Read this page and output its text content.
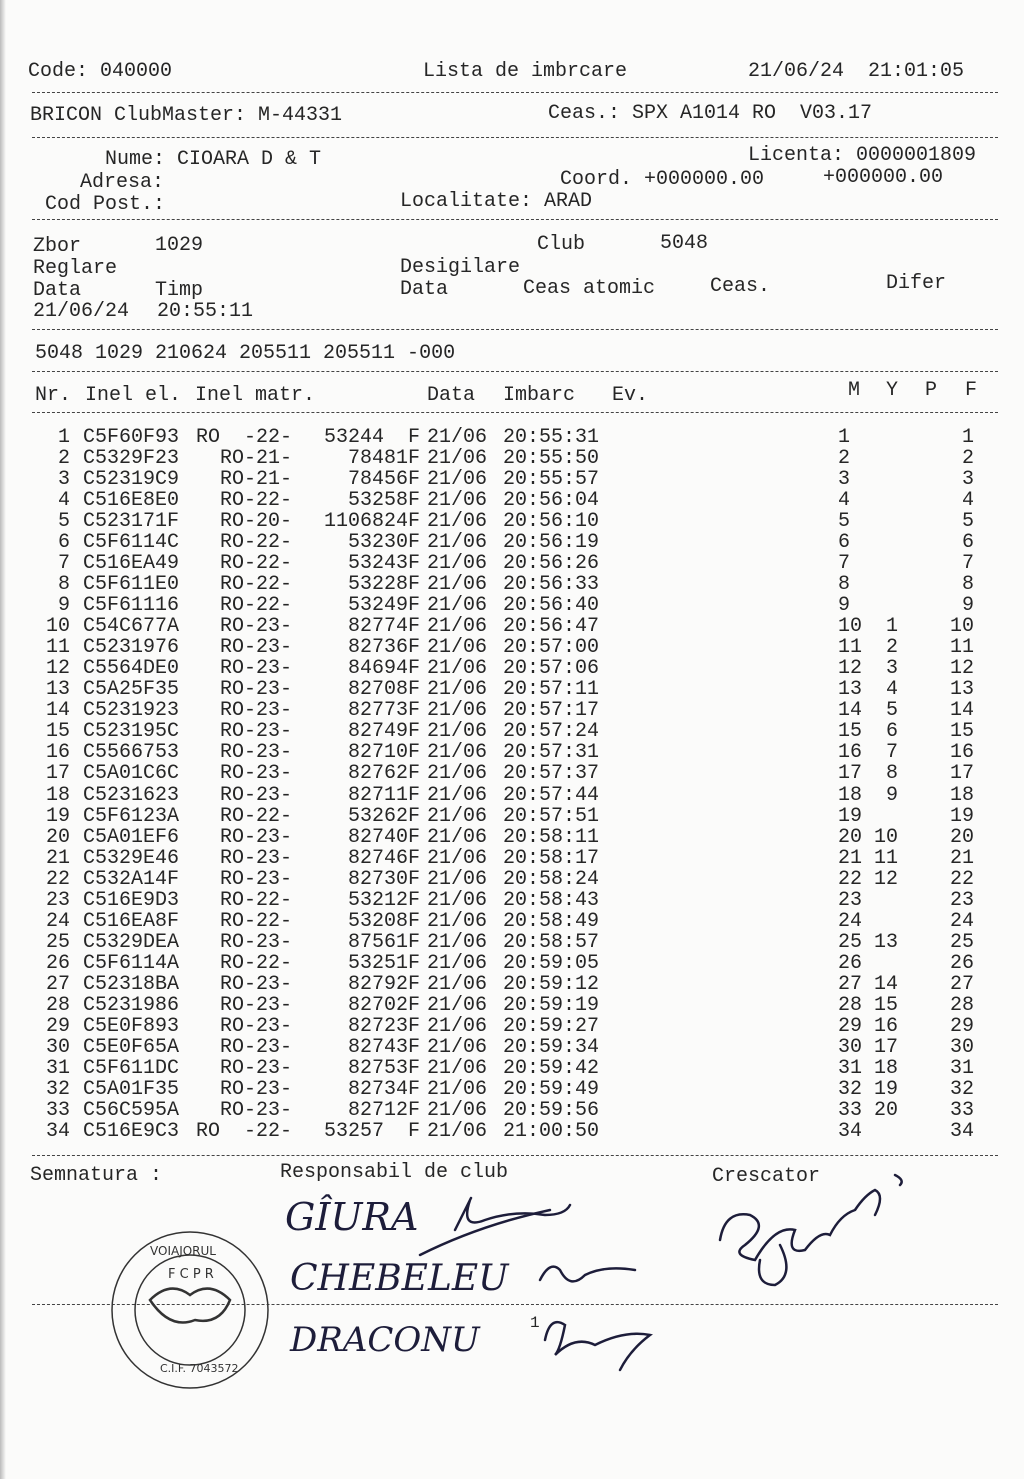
Code: 040000	Lista de imbrcare	21/06/24  21:01:05
BRICON ClubMaster: M-44331	Ceas.: SPX A1014 RO  V03.17
Nume: CIOARA D & T	Licenta: 0000001809
Adresa:	Coord. +000000.00	+000000.00
Cod Post.:	Localitate: ARAD
Zbor	1029	Club	5048
Reglare	Desigilare
Data	Timp	Data	Ceas atomic	Ceas.	Difer
21/06/24 20:55:11
5048 1029 210624 205511 205511 -000
Nr. Inel el. Inel matr.	Data Imbarc Ev.	M Y P F
1 C5F60F93 RO  -22- 53244  F 21/06 20:55:31	1	1
2 C5329F23 RO-21-	78481F 21/06 20:55:50	2	2
3 C52319C9 RO-21-	78456F 21/06 20:55:57	3	3
4 C516E8E0 RO-22-	53258F 21/06 20:56:04	4	4
5 C523171F RO-20- 1106824F 21/06 20:56:10	5	5
6 C5F6114C RO-22-	53230F 21/06 20:56:19	6	6
7 C516EA49 RO-22-	53243F 21/06 20:56:26	7	7
8 C5F611E0 RO-22-	53228F 21/06 20:56:33	8	8
9 C5F61116 RO-22-	53249F 21/06 20:56:40	9	9
10 C54C677A RO-23-	82774F 21/06 20:56:47	10 1	10
11 C5231976 RO-23-	82736F 21/06 20:57:00	11 2	11
12 C5564DE0 RO-23-	84694F 21/06 20:57:06	12 3	12
13 C5A25F35 RO-23-	82708F 21/06 20:57:11	13 4	13
14 C5231923 RO-23-	82773F 21/06 20:57:17	14 5	14
15 C523195C RO-23-	82749F 21/06 20:57:24	15 6	15
16 C5566753 RO-23-	82710F 21/06 20:57:31	16 7	16
17 C5A01C6C RO-23-	82762F 21/06 20:57:37	17 8	17
18 C5231623 RO-23-	82711F 21/06 20:57:44	18 9	18
19 C5F6123A RO-22-	53262F 21/06 20:57:51	19	19
20 C5A01EF6 RO-23-	82740F 21/06 20:58:11	20 10	20
21 C5329E46 RO-23-	82746F 21/06 20:58:17	21 11	21
22 C532A14F RO-23-	82730F 21/06 20:58:24	22 12	22
23 C516E9D3 RO-22-	53212F 21/06 20:58:43	23	23
24 C516EA8F RO-22-	53208F 21/06 20:58:49	24	24
25 C5329DEA RO-23-	87561F 21/06 20:58:57	25 13	25
26 C5F6114A RO-22-	53251F 21/06 20:59:05	26	26
27 C52318BA RO-23-	82792F 21/06 20:59:12	27 14	27
28 C5231986 RO-23-	82702F 21/06 20:59:19	28 15	28
29 C5E0F893 RO-23-	82723F 21/06 20:59:27	29 16	29
30 C5E0F65A RO-23-	82743F 21/06 20:59:34	30 17	30
31 C5F611DC RO-23-	82753F 21/06 20:59:42	31 18	31
32 C5A01F35 RO-23-	82734F 21/06 20:59:49	32 19	32
33 C56C595A RO-23-	82712F 21/06 20:59:56	33 20	33
34 C516E9C3 RO  -22- 53257  F 21/06 21:00:50	34	34
Semnatura :	Responsabil de club	Crescator
1
GÎURA
CHEBELEU
DRACONU
VOIAJORUL
F C P R
C.I.F. 7043572
